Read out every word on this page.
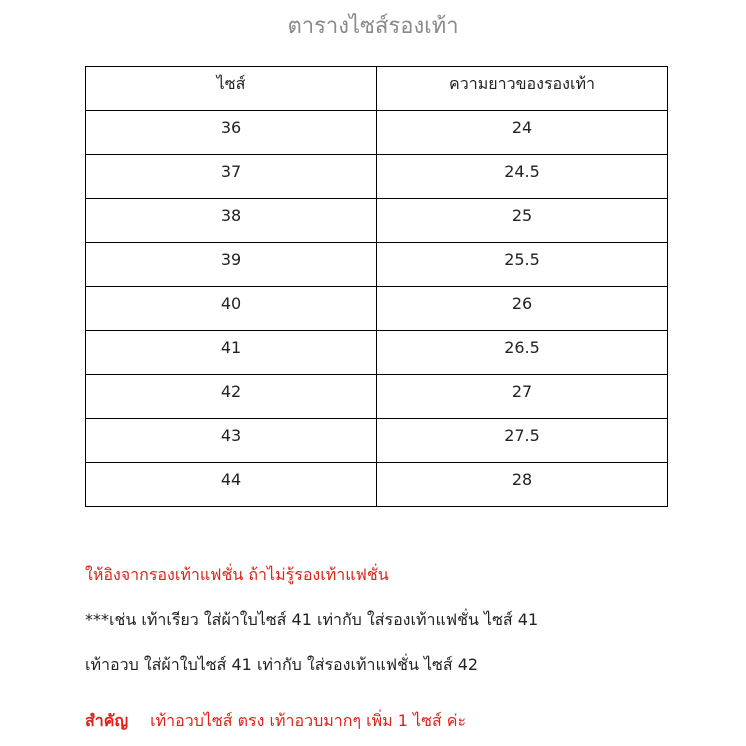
ตารางไซส์รองเท้า
ไซส์	ความยาวของรองเท้า
36	24
37	24.5
38	25
39	25.5
40	26
41	26.5
42	27
43	27.5
44	28
ให้อิงจากรองเท้าแฟชั่น ถ้าไม่รู้รองเท้าแฟชั่น
***เช่น เท้าเรียว ใส่ผ้าใบไซส์ 41 เท่ากับ ใส่รองเท้าแฟชั่น ไซส์ 41
เท้าอวบ ใส่ผ้าใบไซส์ 41 เท่ากับ ใส่รองเท้าแฟชั่น ไซส์ 42
สำคัญ เท้าอวบไซส์ ตรง เท้าอวบมากๆ เพิ่ม 1 ไซส์ ค่ะ
